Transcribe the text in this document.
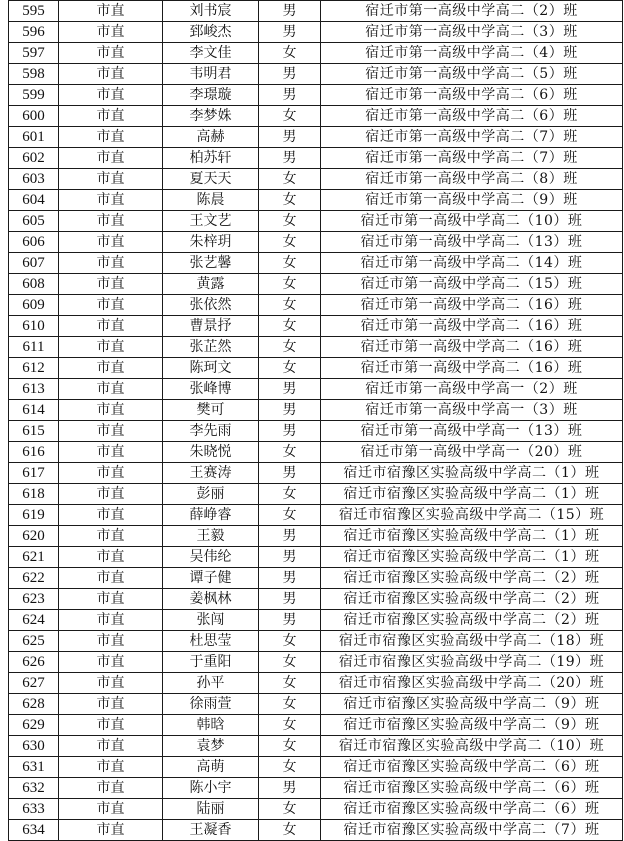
595	市直	刘书宸	男	宿迁市第一高级中学高二（2）班
596	市直	郅峻杰	男	宿迁市第一高级中学高二（3）班
597	市直	李文佳	女	宿迁市第一高级中学高二（4）班
598	市直	韦明君	男	宿迁市第一高级中学高二（5）班
599	市直	李璟璇	男	宿迁市第一高级中学高二（6）班
600	市直	李梦姝	女	宿迁市第一高级中学高二（6）班
601	市直	高赫	男	宿迁市第一高级中学高二（7）班
602	市直	柏苏轩	男	宿迁市第一高级中学高二（7）班
603	市直	夏天天	女	宿迁市第一高级中学高二（8）班
604	市直	陈晨	女	宿迁市第一高级中学高二（9）班
605	市直	王文艺	女	宿迁市第一高级中学高二（10）班
606	市直	朱梓玥	女	宿迁市第一高级中学高二（13）班
607	市直	张艺馨	女	宿迁市第一高级中学高二（14）班
608	市直	黄露	女	宿迁市第一高级中学高二（15）班
609	市直	张依然	女	宿迁市第一高级中学高二（16）班
610	市直	曹景抒	女	宿迁市第一高级中学高二（16）班
611	市直	张芷然	女	宿迁市第一高级中学高二（16）班
612	市直	陈珂文	女	宿迁市第一高级中学高二（16）班
613	市直	张峰博	男	宿迁市第一高级中学高一（2）班
614	市直	樊可	男	宿迁市第一高级中学高一（3）班
615	市直	李先雨	男	宿迁市第一高级中学高一（13）班
616	市直	朱晓悦	女	宿迁市第一高级中学高一（20）班
617	市直	王赛涛	男	宿迁市宿豫区实验高级中学高二（1）班
618	市直	彭丽	女	宿迁市宿豫区实验高级中学高二（1）班
619	市直	薛峥睿	女	宿迁市宿豫区实验高级中学高二（15）班
620	市直	王毅	男	宿迁市宿豫区实验高级中学高二（1）班
621	市直	吴伟纶	男	宿迁市宿豫区实验高级中学高二（1）班
622	市直	谭子健	男	宿迁市宿豫区实验高级中学高二（2）班
623	市直	姜枫林	男	宿迁市宿豫区实验高级中学高二（2）班
624	市直	张闯	男	宿迁市宿豫区实验高级中学高二（2）班
625	市直	杜思莹	女	宿迁市宿豫区实验高级中学高二（18）班
626	市直	于重阳	女	宿迁市宿豫区实验高级中学高二（19）班
627	市直	孙平	女	宿迁市宿豫区实验高级中学高二（20）班
628	市直	徐雨萱	女	宿迁市宿豫区实验高级中学高二（9）班
629	市直	韩晗	女	宿迁市宿豫区实验高级中学高二（9）班
630	市直	袁梦	女	宿迁市宿豫区实验高级中学高二（10）班
631	市直	高萌	女	宿迁市宿豫区实验高级中学高二（6）班
632	市直	陈小宇	男	宿迁市宿豫区实验高级中学高二（6）班
633	市直	陆丽	女	宿迁市宿豫区实验高级中学高二（6）班
634	市直	王凝香	女	宿迁市宿豫区实验高级中学高二（7）班
